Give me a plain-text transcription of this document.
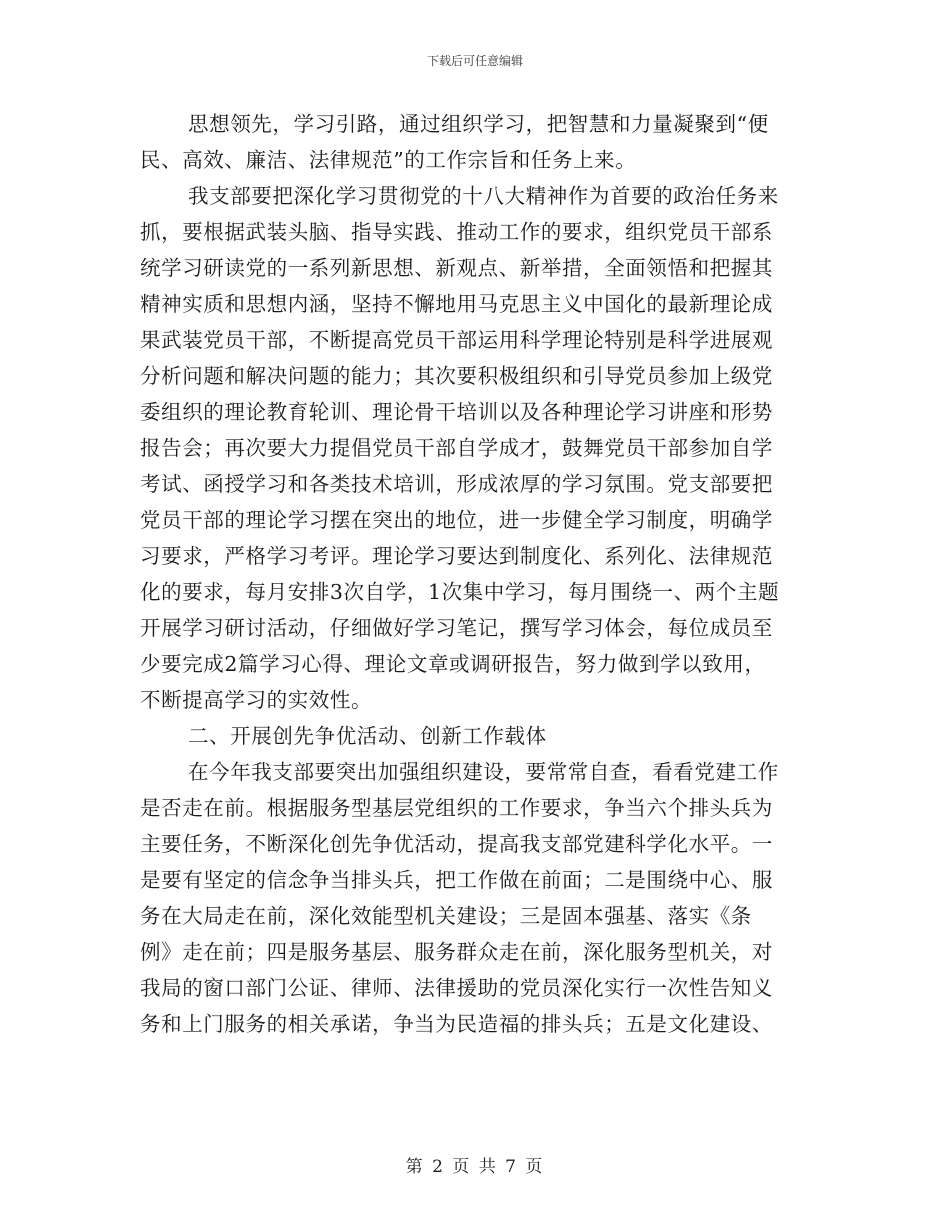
下载后可任意编辑
思想领先，学习引路，通过组织学习，把智慧和力量凝聚到“便
民、高效、廉洁、法律规范”的工作宗旨和任务上来。
我支部要把深化学习贯彻党的十八大精神作为首要的政治任务来
抓，要根据武装头脑、指导实践、推动工作的要求，组织党员干部系
统学习研读党的一系列新思想、新观点、新举措，全面领悟和把握其
精神实质和思想内涵，坚持不懈地用马克思主义中国化的最新理论成
果武装党员干部，不断提高党员干部运用科学理论特别是科学进展观
分析问题和解决问题的能力；其次要积极组织和引导党员参加上级党
委组织的理论教育轮训、理论骨干培训以及各种理论学习讲座和形势
报告会；再次要大力提倡党员干部自学成才，鼓舞党员干部参加自学
考试、函授学习和各类技术培训，形成浓厚的学习氛围。党支部要把
党员干部的理论学习摆在突出的地位，进一步健全学习制度，明确学
习要求，严格学习考评。理论学习要达到制度化、系列化、法律规范
化的要求，每月安排3次自学，1次集中学习，每月围绕一、两个主题
开展学习研讨活动，仔细做好学习笔记，撰写学习体会，每位成员至
少要完成2篇学习心得、理论文章或调研报告，努力做到学以致用，
不断提高学习的实效性。
二、开展创先争优活动、创新工作载体
在今年我支部要突出加强组织建设，要常常自查，看看党建工作
是否走在前。根据服务型基层党组织的工作要求，争当六个排头兵为
主要任务，不断深化创先争优活动，提高我支部党建科学化水平。一
是要有坚定的信念争当排头兵，把工作做在前面；二是围绕中心、服
务在大局走在前，深化效能型机关建设；三是固本强基、落实《条
例》走在前；四是服务基层、服务群众走在前，深化服务型机关，对
我局的窗口部门公证、律师、法律援助的党员深化实行一次性告知义
务和上门服务的相关承诺，争当为民造福的排头兵；五是文化建设、
第 2 页 共 7 页
